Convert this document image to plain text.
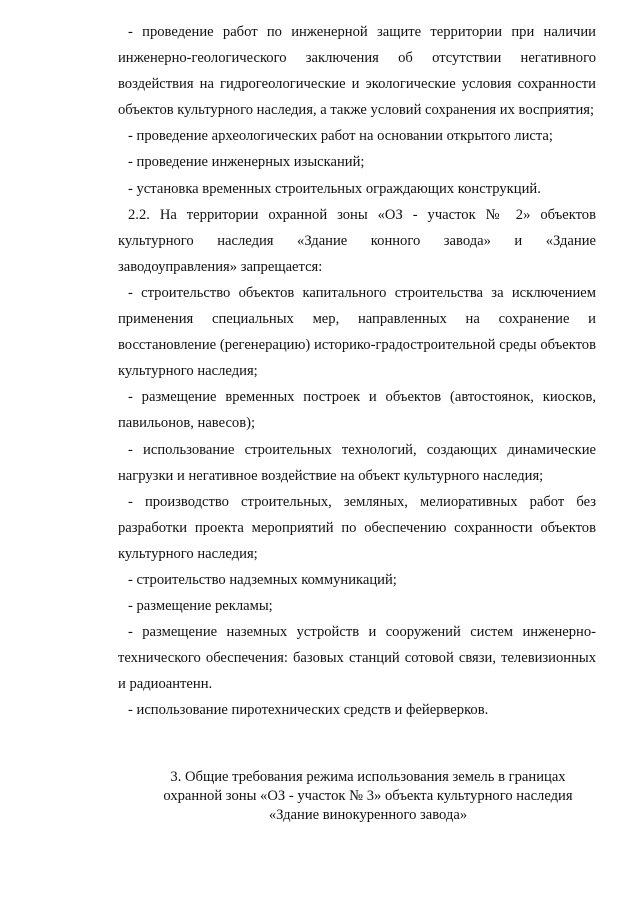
- проведение работ по инженерной защите территории при наличии инженерно-геологического заключения об отсутствии негативного воздействия на гидрогеологические и экологические условия сохранности объектов культурного наследия, а также условий сохранения их восприятия;

- проведение археологических работ на основании открытого листа;

- проведение инженерных изысканий;

- установка временных строительных ограждающих конструкций.

2.2. На территории охранной зоны «ОЗ - участок № 2» объектов культурного наследия «Здание конного завода» и «Здание заводоуправления» запрещается:

- строительство объектов капитального строительства за исключением применения специальных мер, направленных на сохранение и восстановление (регенерацию) историко-градостроительной среды объектов культурного наследия;

- размещение временных построек и объектов (автостоянок, киосков, павильонов, навесов);

- использование строительных технологий, создающих динамические нагрузки и негативное воздействие на объект культурного наследия;

- производство строительных, земляных, мелиоративных работ без разработки проекта мероприятий по обеспечению сохранности объектов культурного наследия;

- строительство надземных коммуникаций;

- размещение рекламы;

- размещение наземных устройств и сооружений систем инженерно-технического обеспечения: базовых станций сотовой связи, телевизионных и радиоантенн.

- использование пиротехнических средств и фейерверков.

3. Общие требования режима использования земель в границах
охранной зоны «ОЗ - участок № 3» объекта культурного наследия
«Здание винокуренного завода»
